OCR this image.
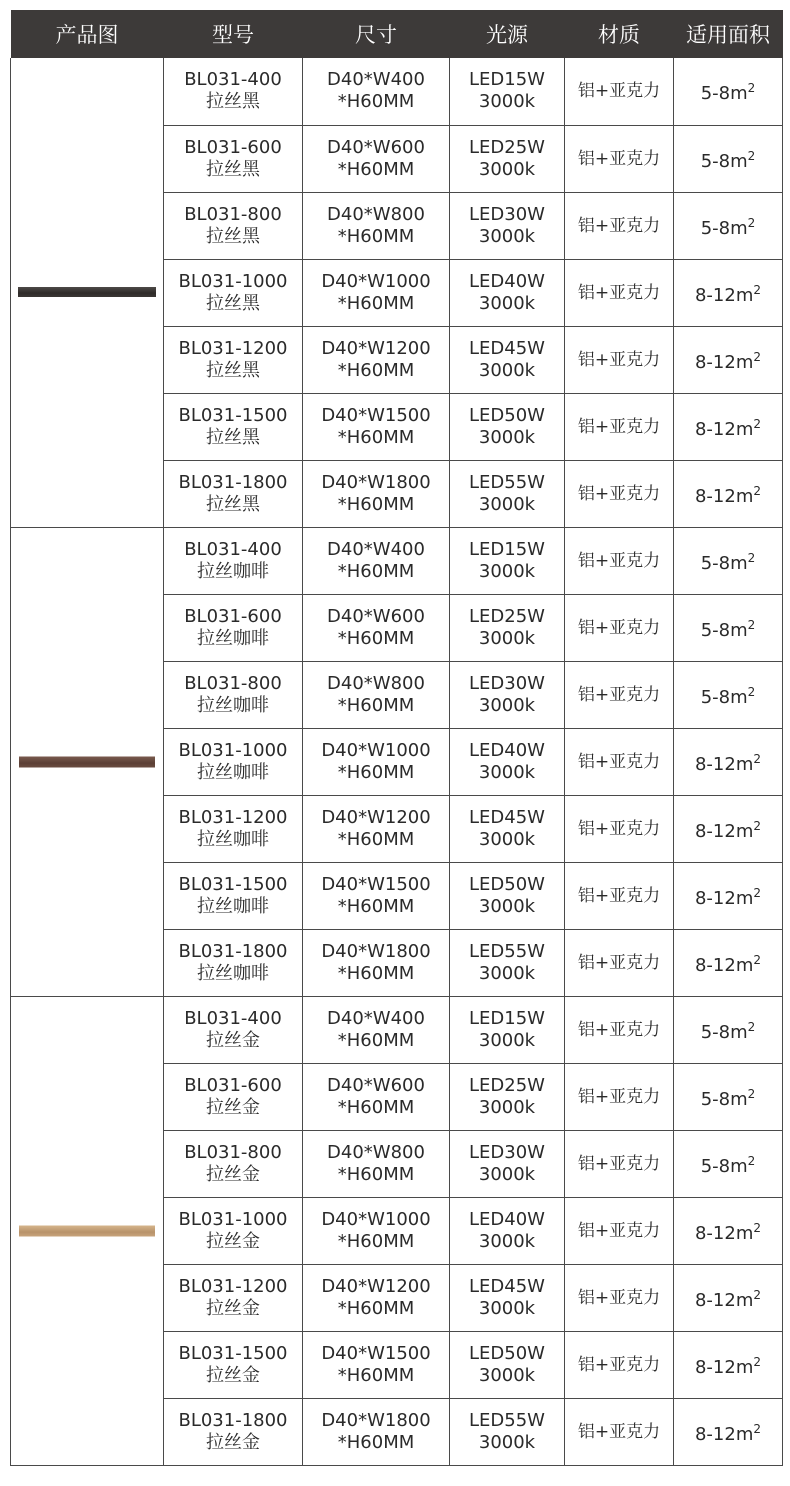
产品图	型号	尺寸	光源	材质	适用面积

	BL031-400
拉丝黑	D40*W400
*H60MM	LED15W
3000k	铝+亚克力	$5-8m^2$

	BL031-600
拉丝黑	D40*W600
*H60MM	LED25W
3000k	铝+亚克力	$5-8m^2$

	BL031-800
拉丝黑	D40*W800
*H60MM	LED30W
3000k	铝+亚克力	$5-8m^2$

	BL031-1000
拉丝黑	D40*W1000
*H60MM	LED40W
3000k	铝+亚克力	$8-12m^2$

	BL031-1200
拉丝黑	D40*W1200
*H60MM	LED45W
3000k	铝+亚克力	$8-12m^2$

	BL031-1500
拉丝黑	D40*W1500
*H60MM	LED50W
3000k	铝+亚克力	$8-12m^2$

	BL031-1800
拉丝黑	D40*W1800
*H60MM	LED55W
3000k	铝+亚克力	$8-12m^2$

	BL031-400
拉丝咖啡	D40*W400
*H60MM	LED15W
3000k	铝+亚克力	$5-8m^2$

	BL031-600
拉丝咖啡	D40*W600
*H60MM	LED25W
3000k	铝+亚克力	$5-8m^2$

	BL031-800
拉丝咖啡	D40*W800
*H60MM	LED30W
3000k	铝+亚克力	$5-8m^2$

	BL031-1000
拉丝咖啡	D40*W1000
*H60MM	LED40W
3000k	铝+亚克力	$8-12m^2$

	BL031-1200
拉丝咖啡	D40*W1200
*H60MM	LED45W
3000k	铝+亚克力	$8-12m^2$

	BL031-1500
拉丝咖啡	D40*W1500
*H60MM	LED50W
3000k	铝+亚克力	$8-12m^2$

	BL031-1800
拉丝咖啡	D40*W1800
*H60MM	LED55W
3000k	铝+亚克力	$8-12m^2$

	BL031-400
拉丝金	D40*W400
*H60MM	LED15W
3000k	铝+亚克力	$5-8m^2$

	BL031-600
拉丝金	D40*W600
*H60MM	LED25W
3000k	铝+亚克力	$5-8m^2$

	BL031-800
拉丝金	D40*W800
*H60MM	LED30W
3000k	铝+亚克力	$5-8m^2$

	BL031-1000
拉丝金	D40*W1000
*H60MM	LED40W
3000k	铝+亚克力	$8-12m^2$

	BL031-1200
拉丝金	D40*W1200
*H60MM	LED45W
3000k	铝+亚克力	$8-12m^2$

	BL031-1500
拉丝金	D40*W1500
*H60MM	LED50W
3000k	铝+亚克力	$8-12m^2$

	BL031-1800
拉丝金	D40*W1800
*H60MM	LED55W
3000k	铝+亚克力	$8-12m^2$
